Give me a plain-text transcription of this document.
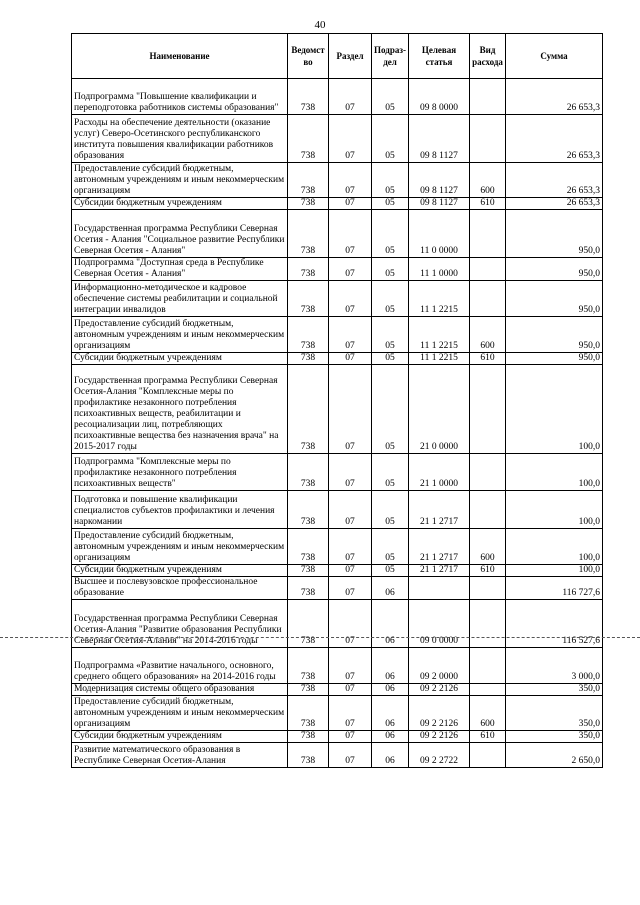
40
Наименование	Ведомст во	Раздел	Подраз- дел	Целевая статья	Вид расхода	Сумма
Подпрограмма "Повышение квалификации и переподготовка работников системы образования"	738	07	05	09 8 0000		26 653,3
Расходы на обеспечение деятельности (оказание услуг) Северо-Осетинского республиканского института повышения квалификации работников образования	738	07	05	09 8 1127		26 653,3
Предоставление субсидий бюджетным, автономным учреждениям и иным некоммерческим организациям	738	07	05	09 8 1127	600	26 653,3
Субсидии бюджетным учреждениям	738	07	05	09 8 1127	610	26 653,3
Государственная программа Республики Северная Осетия - Алания "Социальное развитие Республики Северная Осетия - Алания"	738	07	05	11 0 0000		950,0
Подпрограмма "Доступная среда в Республике Северная Осетия - Алания"	738	07	05	11 1 0000		950,0
Информационно-методическое и кадровое обеспечение системы реабилитации и социальной интеграции инвалидов	738	07	05	11 1 2215		950,0
Предоставление субсидий бюджетным, автономным учреждениям и иным некоммерческим организациям	738	07	05	11 1 2215	600	950,0
Субсидии бюджетным учреждениям	738	07	05	11 1 2215	610	950,0
Государственная программа Республики Северная Осетия-Алания "Комплексные меры по профилактике незаконного потребления психоактивных веществ, реабилитации и ресоциализации лиц, потребляющих психоактивные вещества без назначения врача" на 2015-2017 годы	738	07	05	21 0 0000		100,0
Подпрограмма "Комплексные меры по профилактике незаконного потребления психоактивных веществ"	738	07	05	21 1 0000		100,0
Подготовка и повышение квалификации специалистов субъектов профилактики и лечения наркомании	738	07	05	21 1 2717		100,0
Предоставление субсидий бюджетным, автономным учреждениям и иным некоммерческим организациям	738	07	05	21 1 2717	600	100,0
Субсидии бюджетным учреждениям	738	07	05	21 1 2717	610	100,0
Высшее и послевузовское профессиональное образование	738	07	06			116 727,6
Государственная программа Республики Северная Осетия-Алания "Развитие образования Республики Северная Осетия-Алания" на 2014-2016 годы	738	07	06	09 0 0000		116 527,6
Подпрограмма «Развитие начального, основного, среднего общего образования» на 2014-2016 годы	738	07	06	09 2 0000		3 000,0
Модернизация системы общего образования	738	07	06	09 2 2126		350,0
Предоставление субсидий бюджетным, автономным учреждениям и иным некоммерческим организациям	738	07	06	09 2 2126	600	350,0
Субсидии бюджетным учреждениям	738	07	06	09 2 2126	610	350,0
Развитие математического образования в Республике Северная Осетия-Алания	738	07	06	09 2 2722		2 650,0
